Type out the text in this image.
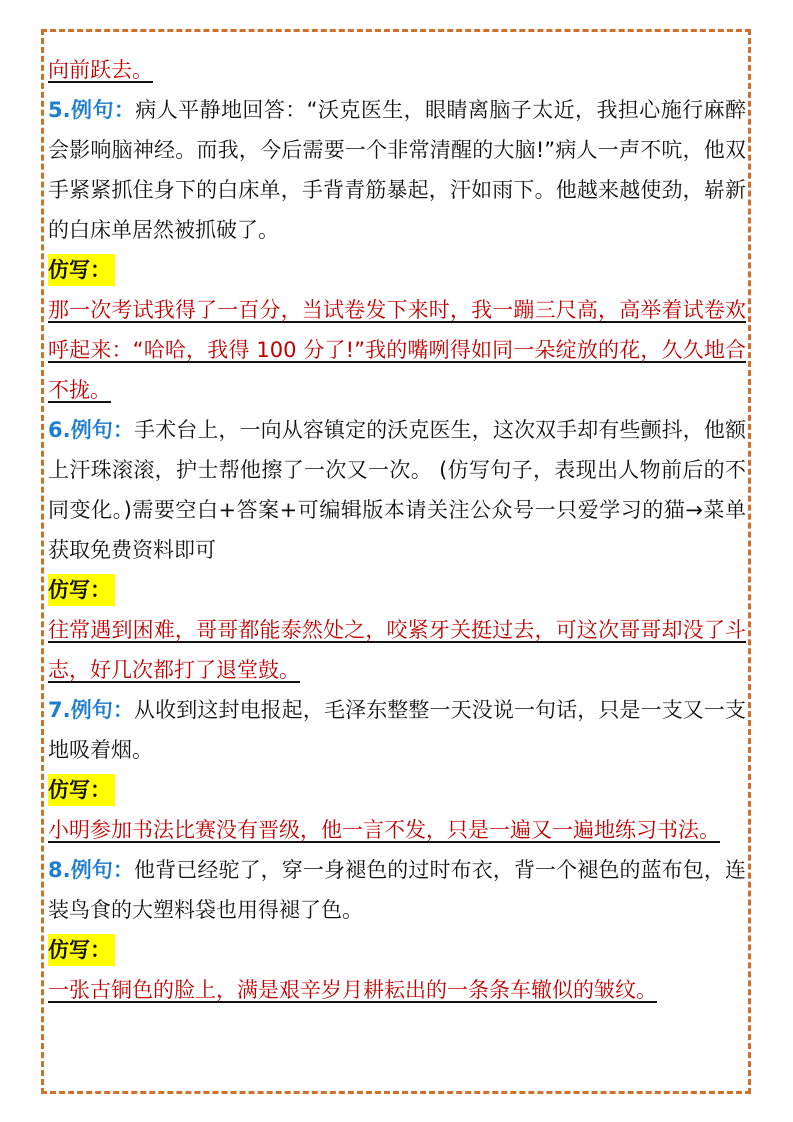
向前跃去。

5.例句：病人平静地回答：“沃克医生，眼睛离脑子太近，我担心施行麻醉会影响脑神经。而我，今后需要一个非常清醒的大脑!”病人一声不吭，他双手紧紧抓住身下的白床单，手背青筋暴起，汗如雨下。他越来越使劲，崭新的白床单居然被抓破了。

仿写：

那一次考试我得了一百分，当试卷发下来时，我一蹦三尺高，高举着试卷欢呼起来：“哈哈，我得 100 分了!”我的嘴咧得如同一朵绽放的花，久久地合不拢。

6.例句：手术台上，一向从容镇定的沃克医生，这次双手却有些颤抖，他额上汗珠滚滚，护士帮他擦了一次又一次。 (仿写句子，表现出人物前后的不同变化。)需要空白+答案+可编辑版本请关注公众号一只爱学习的猫→菜单获取免费资料即可

仿写：

往常遇到困难，哥哥都能泰然处之，咬紧牙关挺过去，可这次哥哥却没了斗志，好几次都打了退堂鼓。

7.例句：从收到这封电报起，毛泽东整整一天没说一句话，只是一支又一支地吸着烟。

仿写：

小明参加书法比赛没有晋级，他一言不发，只是一遍又一遍地练习书法。

8.例句：他背已经驼了，穿一身褪色的过时布衣，背一个褪色的蓝布包，连装鸟食的大塑料袋也用得褪了色。

仿写：

一张古铜色的脸上，满是艰辛岁月耕耘出的一条条车辙似的皱纹。
